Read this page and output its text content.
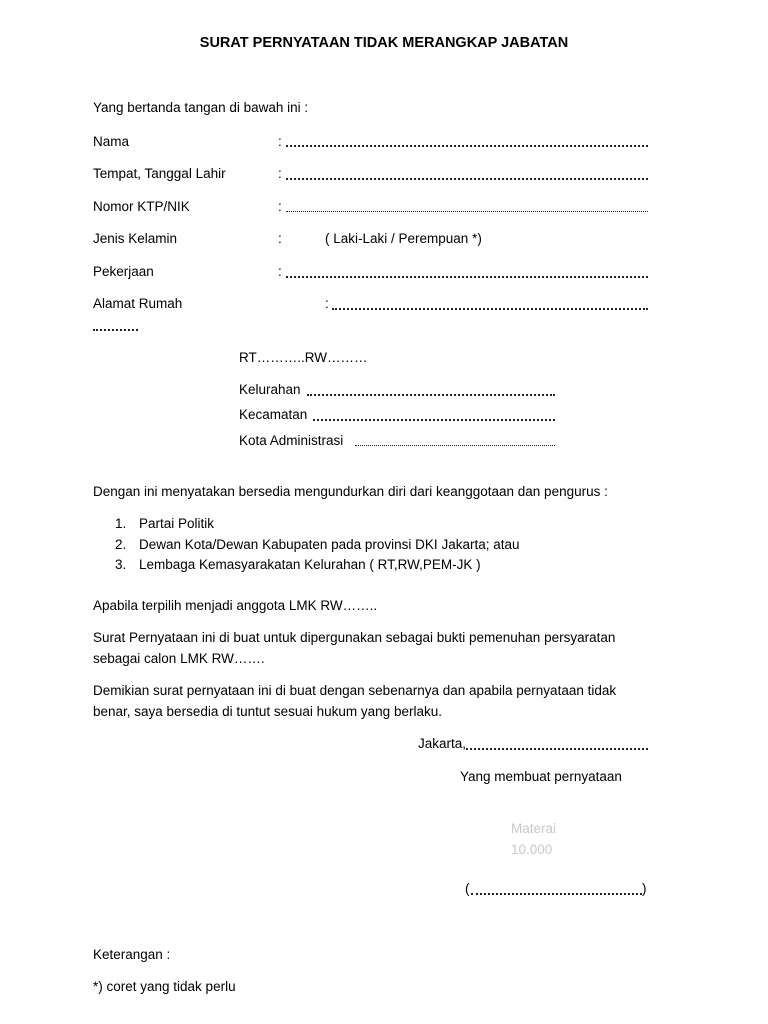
SURAT PERNYATAAN TIDAK MERANGKAP JABATAN
Yang bertanda tangan di bawah ini :
Nama	:
Tempat, Tanggal Lahir	:
Nomor KTP/NIK	:
Jenis Kelamin	:	( Laki-Laki / Perempuan *)
Pekerjaan	:
Alamat Rumah	:
RT………..RW………
Kelurahan
Kecamatan
Kota Administrasi
Dengan ini menyatakan bersedia mengundurkan diri dari keanggotaan dan pengurus :
1. Partai Politik
2. Dewan Kota/Dewan Kabupaten pada provinsi DKI Jakarta; atau
3. Lembaga Kemasyarakatan Kelurahan ( RT,RW,PEM-JK )
Apabila terpilih menjadi anggota LMK RW……..
Surat Pernyataan ini di buat untuk dipergunakan sebagai bukti pemenuhan persyaratan sebagai calon LMK RW…….
Demikian surat pernyataan ini di buat dengan sebenarnya dan apabila pernyataan tidak benar, saya bersedia di tuntut sesuai hukum yang berlaku.
Jakarta,
Yang membuat pernyataan
Materai
10.000
(	)
Keterangan :
*) coret yang tidak perlu
